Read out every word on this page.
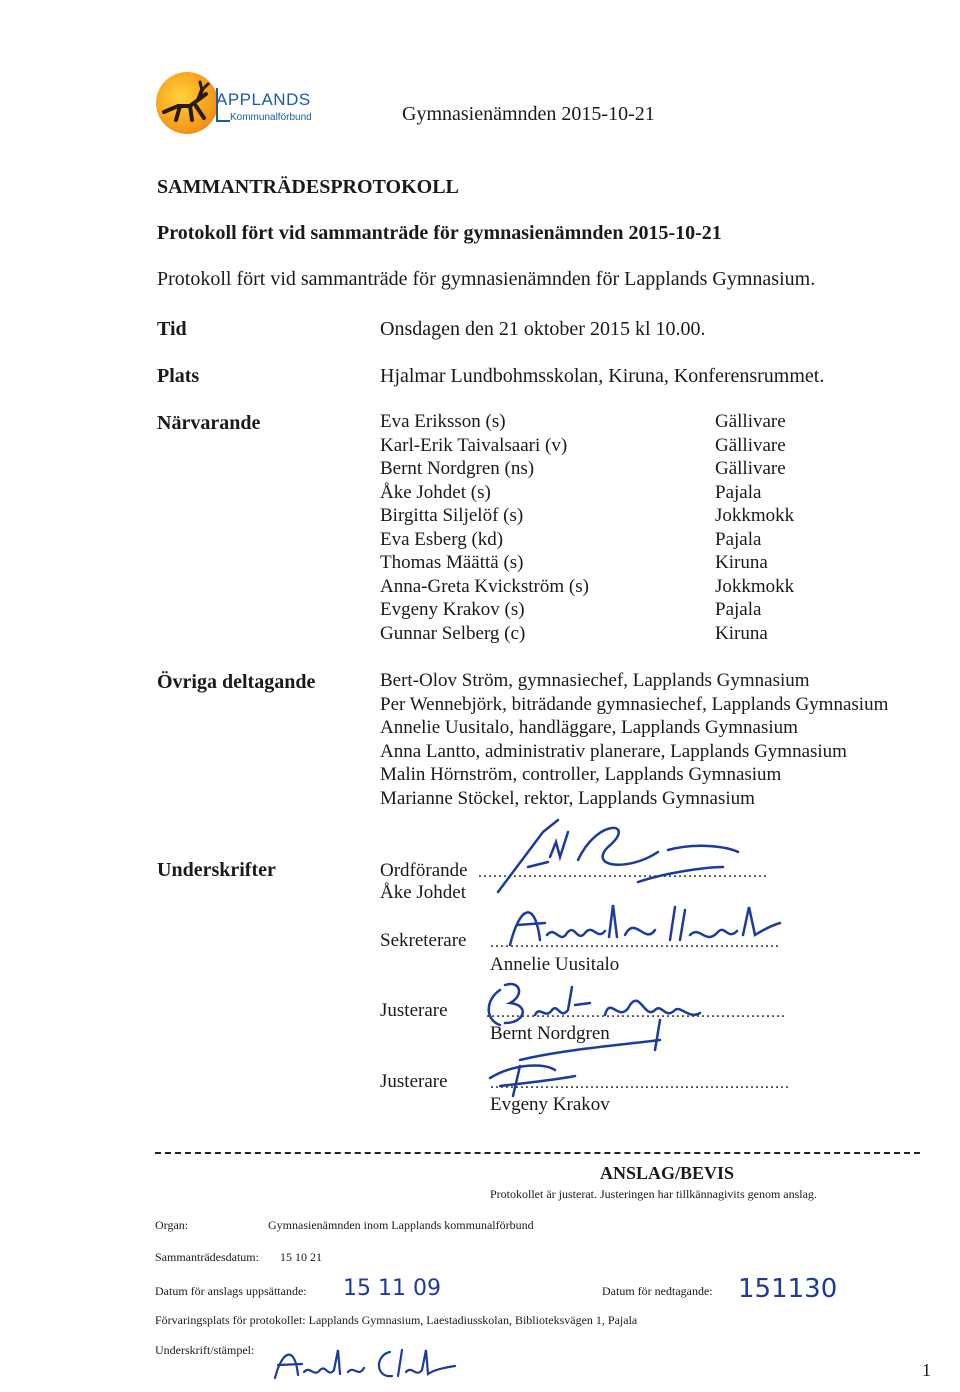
APPLANDS
Kommunalförbund	Gymnasienämnden 2015-10-21
SAMMANTRÄDESPROTOKOLL
Protokoll fört vid sammanträde för gymnasienämnden 2015-10-21
Protokoll fört vid sammanträde för gymnasienämnden för Lapplands Gymnasium.
Tid	Onsdagen den 21 oktober 2015 kl 10.00.
Plats	Hjalmar Lundbohmsskolan, Kiruna, Konferensrummet.
Närvarande	Eva Eriksson (s)	Gällivare
Karl-Erik Taivalsaari (v)	Gällivare
Bernt Nordgren (ns)	Gällivare
Åke Johdet (s)	Pajala
Birgitta Siljelöf (s)	Jokkmokk
Eva Esberg (kd)	Pajala
Thomas Määttä (s)	Kiruna
Anna-Greta Kvickström (s)	Jokkmokk
Evgeny Krakov (s)	Pajala
Gunnar Selberg (c)	Kiruna
Övriga deltagande	Bert-Olov Ström, gymnasiechef, Lapplands Gymnasium
Per Wennebjörk, biträdande gymnasiechef, Lapplands Gymnasium
Annelie Uusitalo, handläggare, Lapplands Gymnasium
Anna Lantto, administrativ planerare, Lapplands Gymnasium
Malin Hörnström, controller, Lapplands Gymnasium
Marianne Stöckel, rektor, Lapplands Gymnasium
Underskrifter	Ordförande ..........................................................
Åke Johdet
Sekreterare ..........................................................
Annelie Uusitalo
Justerare ............................................................
Bernt Nordgren
Justerare	............................................................
Evgeny Krakov
ANSLAG/BEVIS
Protokollet är justerat. Justeringen har tillkännagivits genom anslag.
Organ:	Gymnasienämnden inom Lapplands kommunalförbund
Sammanträdesdatum: 15 10 21
Datum för anslags uppsättande: 15 11 09	Datum för nedtagande: 151130
Förvaringsplats för protokollet: Lapplands Gymnasium, Laestadiusskolan, Biblioteksvägen 1, Pajala
Underskrift/stämpel:
1
